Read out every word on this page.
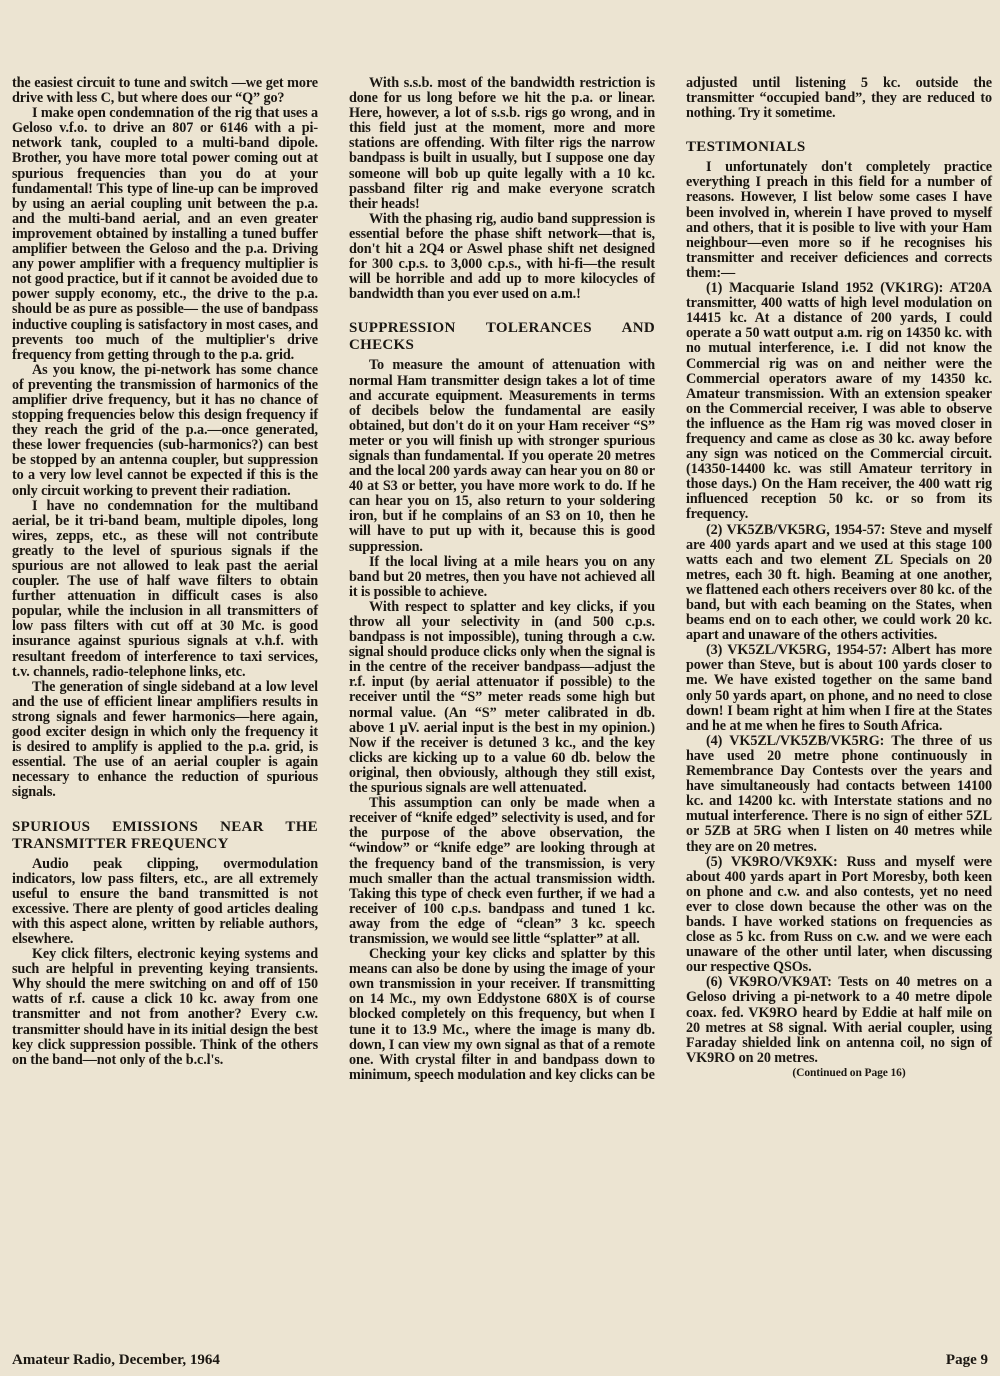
the easiest circuit to tune and switch —we get more drive with less C, but where does our “Q” go?

I make open condemnation of the rig that uses a Geloso v.f.o. to drive an 807 or 6146 with a pi-network tank, coupled to a multi-band dipole. Brother, you have more total power coming out at spurious frequencies than you do at your fundamental! This type of line-up can be improved by using an aerial coupling unit between the p.a. and the multi-band aerial, and an even greater improvement obtained by installing a tuned buffer amplifier between the Geloso and the p.a. Driving any power amplifier with a frequency multiplier is not good practice, but if it cannot be avoided due to power supply economy, etc., the drive to the p.a. should be as pure as possible— the use of bandpass inductive coupling is satisfactory in most cases, and prevents too much of the multiplier's drive frequency from getting through to the p.a. grid.

As you know, the pi-network has some chance of preventing the transmission of harmonics of the amplifier drive frequency, but it has no chance of stopping frequencies below this design frequency if they reach the grid of the p.a.—once generated, these lower frequencies (sub-harmonics?) can best be stopped by an antenna coupler, but suppression to a very low level cannot be expected if this is the only circuit working to prevent their radiation.

I have no condemnation for the multiband aerial, be it tri-band beam, multiple dipoles, long wires, zepps, etc., as these will not contribute greatly to the level of spurious signals if the spurious are not allowed to leak past the aerial coupler. The use of half wave filters to obtain further attenuation in difficult cases is also popular, while the inclusion in all transmitters of low pass filters with cut off at 30 Mc. is good insurance against spurious signals at v.h.f. with resultant freedom of interference to taxi services, t.v. channels, radio-telephone links, etc.

The generation of single sideband at a low level and the use of efficient linear amplifiers results in strong signals and fewer harmonics—here again, good exciter design in which only the frequency it is desired to amplify is applied to the p.a. grid, is essential. The use of an aerial coupler is again necessary to enhance the reduction of spurious signals.

SPURIOUS EMISSIONS NEAR THE TRANSMITTER FREQUENCY

Audio peak clipping, overmodulation indicators, low pass filters, etc., are all extremely useful to ensure the band transmitted is not excessive. There are plenty of good articles dealing with this aspect alone, written by reliable authors, elsewhere.

Key click filters, electronic keying systems and such are helpful in preventing keying transients. Why should the mere switching on and off of 150 watts of r.f. cause a click 10 kc. away from one transmitter and not from another? Every c.w. transmitter should have in its initial design the best key click suppression possible. Think of the others on the band—not only of the b.c.l's.

With s.s.b. most of the bandwidth restriction is done for us long before we hit the p.a. or linear. Here, however, a lot of s.s.b. rigs go wrong, and in this field just at the moment, more and more stations are offending. With filter rigs the narrow bandpass is built in usually, but I suppose one day someone will bob up quite legally with a 10 kc. passband filter rig and make everyone scratch their heads!

With the phasing rig, audio band suppression is essential before the phase shift network—that is, don't hit a 2Q4 or Aswel phase shift net designed for 300 c.p.s. to 3,000 c.p.s., with hi-fi—the result will be horrible and add up to more kilocycles of bandwidth than you ever used on a.m.!

SUPPRESSION TOLERANCES AND CHECKS

To measure the amount of attenuation with normal Ham transmitter design takes a lot of time and accurate equipment. Measurements in terms of decibels below the fundamental are easily obtained, but don't do it on your Ham receiver “S” meter or you will finish up with stronger spurious signals than fundamental. If you operate 20 metres and the local 200 yards away can hear you on 80 or 40 at S3 or better, you have more work to do. If he can hear you on 15, also return to your soldering iron, but if he complains of an S3 on 10, then he will have to put up with it, because this is good suppression.

If the local living at a mile hears you on any band but 20 metres, then you have not achieved all it is possible to achieve.

With respect to splatter and key clicks, if you throw all your selectivity in (and 500 c.p.s. bandpass is not impossible), tuning through a c.w. signal should produce clicks only when the signal is in the centre of the receiver bandpass—adjust the r.f. input (by aerial attenuator if possible) to the receiver until the “S” meter reads some high but normal value. (An “S” meter calibrated in db. above 1 μV. aerial input is the best in my opinion.) Now if the receiver is detuned 3 kc., and the key clicks are kicking up to a value 60 db. below the original, then obviously, although they still exist, the spurious signals are well attenuated.

This assumption can only be made when a receiver of “knife edged” selectivity is used, and for the purpose of the above observation, the “window” or “knife edge” are looking through at the frequency band of the transmission, is very much smaller than the actual transmission width. Taking this type of check even further, if we had a receiver of 100 c.p.s. bandpass and tuned 1 kc. away from the edge of “clean” 3 kc. speech transmission, we would see little “splatter” at all.

Checking your key clicks and splatter by this means can also be done by using the image of your own transmission in your receiver. If transmitting on 14 Mc., my own Eddystone 680X is of course blocked completely on this frequency, but when I tune it to 13.9 Mc., where the image is many db. down, I can view my own signal as that of a remote one. With crystal filter in and bandpass down to minimum, speech modulation and key clicks can be

adjusted until listening 5 kc. outside the transmitter “occupied band”, they are reduced to nothing. Try it sometime.

TESTIMONIALS

I unfortunately don't completely practice everything I preach in this field for a number of reasons. However, I list below some cases I have been involved in, wherein I have proved to myself and others, that it is posible to live with your Ham neighbour—even more so if he recognises his transmitter and receiver deficiences and corrects them:—

(1) Macquarie Island 1952 (VK1RG): AT20A transmitter, 400 watts of high level modulation on 14415 kc. At a distance of 200 yards, I could operate a 50 watt output a.m. rig on 14350 kc. with no mutual interference, i.e. I did not know the Commercial rig was on and neither were the Commercial operators aware of my 14350 kc. Amateur transmission. With an extension speaker on the Commercial receiver, I was able to observe the influence as the Ham rig was moved closer in frequency and came as close as 30 kc. away before any sign was noticed on the Commercial circuit. (14350-14400 kc. was still Amateur territory in those days.) On the Ham receiver, the 400 watt rig influenced reception 50 kc. or so from its frequency.

(2) VK5ZB/VK5RG, 1954-57: Steve and myself are 400 yards apart and we used at this stage 100 watts each and two element ZL Specials on 20 metres, each 30 ft. high. Beaming at one another, we flattened each others receivers over 80 kc. of the band, but with each beaming on the States, when beams end on to each other, we could work 20 kc. apart and unaware of the others activities.

(3) VK5ZL/VK5RG, 1954-57: Albert has more power than Steve, but is about 100 yards closer to me. We have existed together on the same band only 50 yards apart, on phone, and no need to close down! I beam right at him when I fire at the States and he at me when he fires to South Africa.

(4) VK5ZL/VK5ZB/VK5RG: The three of us have used 20 metre phone continuously in Remembrance Day Contests over the years and have simultaneously had contacts between 14100 kc. and 14200 kc. with Interstate stations and no mutual interference. There is no sign of either 5ZL or 5ZB at 5RG when I listen on 40 metres while they are on 20 metres.

(5) VK9RO/VK9XK: Russ and myself were about 400 yards apart in Port Moresby, both keen on phone and c.w. and also contests, yet no need ever to close down because the other was on the bands. I have worked stations on frequencies as close as 5 kc. from Russ on c.w. and we were each unaware of the other until later, when discussing our respective QSOs.

(6) VK9RO/VK9AT: Tests on 40 metres on a Geloso driving a pi-network to a 40 metre dipole coax. fed. VK9RO heard by Eddie at half mile on 20 metres at S8 signal. With aerial coupler, using Faraday shielded link on antenna coil, no sign of VK9RO on 20 metres.

(Continued on Page 16)

Amateur Radio, December, 1964	Page 9
